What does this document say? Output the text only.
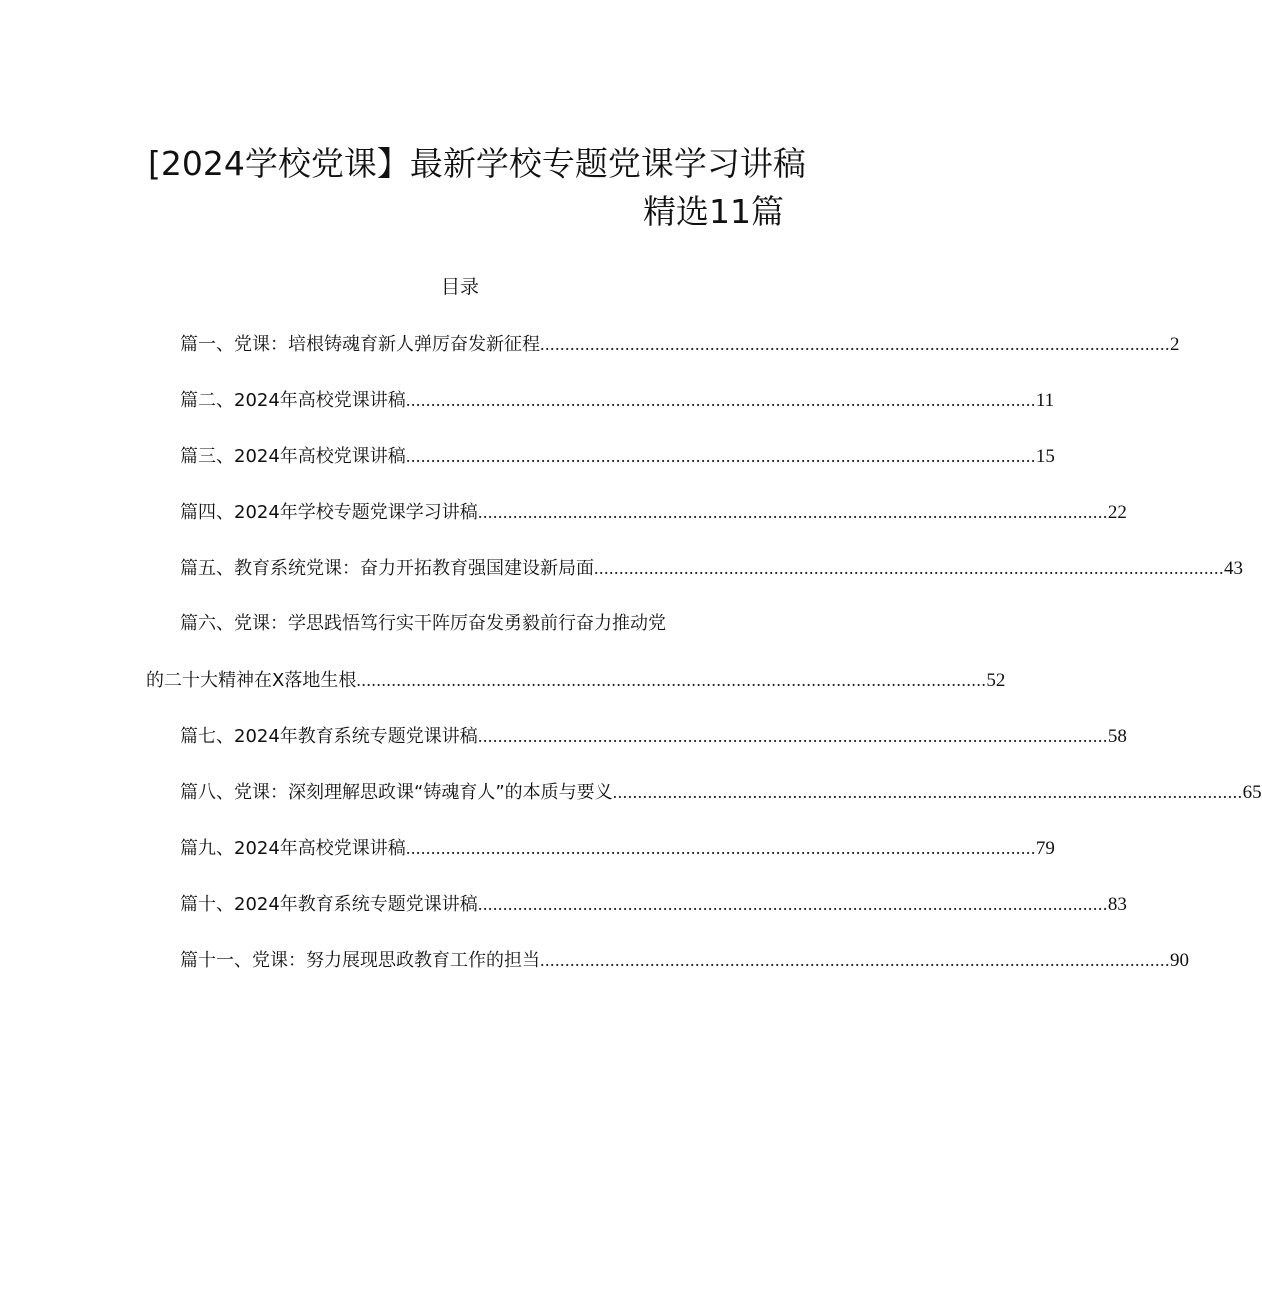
[2024学校党课】最新学校专题党课学习讲稿
精选11篇
目录
篇一、党课：培根铸魂育新人弹厉奋发新征程 .............................................................................................................................. 2
篇二、2024年高校党课讲稿 .............................................................................................................................. 11
篇三、2024年高校党课讲稿 .............................................................................................................................. 15
篇四、2024年学校专题党课学习讲稿 .............................................................................................................................. 22
篇五、教育系统党课：奋力开拓教育强国建设新局面 .............................................................................................................................. 43
篇六、党课：学思践悟笃行实干阵厉奋发勇毅前行奋力推动党
的二十大精神在X落地生根 .............................................................................................................................. 52
篇七、2024年教育系统专题党课讲稿 .............................................................................................................................. 58
篇八、党课：深刻理解思政课“铸魂育人”的本质与要义 .............................................................................................................................. 65
篇九、2024年高校党课讲稿 .............................................................................................................................. 79
篇十、2024年教育系统专题党课讲稿 .............................................................................................................................. 83
篇十一、党课：努力展现思政教育工作的担当 .............................................................................................................................. 90
